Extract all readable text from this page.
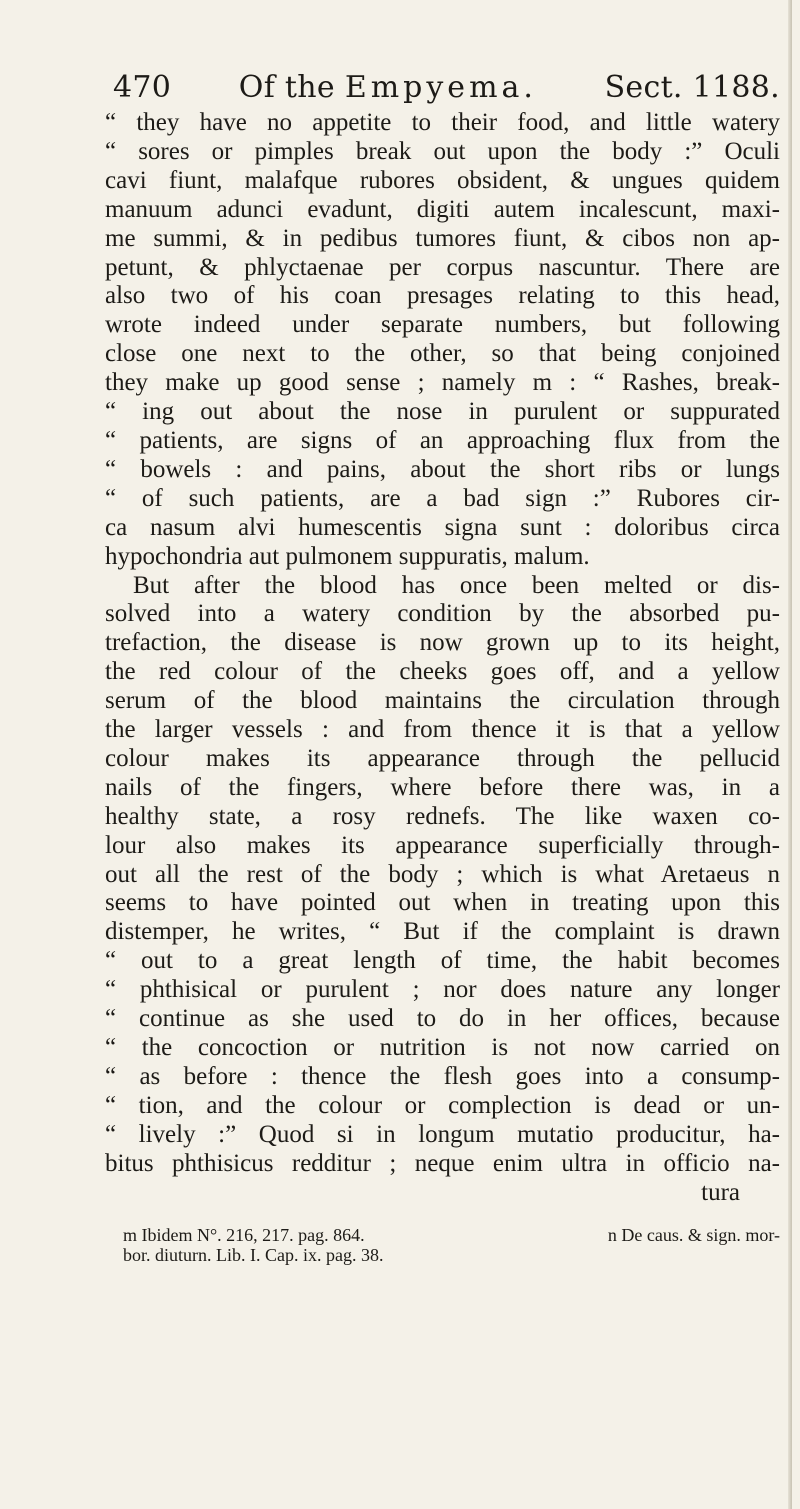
470 Of the Empyema. Sect. 1188.
“ they have no appetite to their food, and little watery
“ sores or pimples break out upon the body :” Oculi
cavi fiunt, malafque rubores obsident, & ungues quidem
manuum adunci evadunt, digiti autem incalescunt, maxi-
me summi, & in pedibus tumores fiunt, & cibos non ap-
petunt, & phlyctaenae per corpus nascuntur. There are
also two of his coan presages relating to this head,
wrote indeed under separate numbers, but following
close one next to the other, so that being conjoined
they make up good sense ; namely m : “ Rashes, break-
“ ing out about the nose in purulent or suppurated
“ patients, are signs of an approaching flux from the
“ bowels : and pains, about the short ribs or lungs
“ of such patients, are a bad sign :” Rubores cir-
ca nasum alvi humescentis signa sunt : doloribus circa
hypochondria aut pulmonem suppuratis, malum.
But after the blood has once been melted or dis-
solved into a watery condition by the absorbed pu-
trefaction, the disease is now grown up to its height,
the red colour of the cheeks goes off, and a yellow
serum of the blood maintains the circulation through
the larger vessels : and from thence it is that a yellow
colour makes its appearance through the pellucid
nails of the fingers, where before there was, in a
healthy state, a rosy rednefs. The like waxen co-
lour also makes its appearance superficially through-
out all the rest of the body ; which is what Aretaeus n
seems to have pointed out when in treating upon this
distemper, he writes, “ But if the complaint is drawn
“ out to a great length of time, the habit becomes
“ phthisical or purulent ; nor does nature any longer
“ continue as she used to do in her offices, because
“ the concoction or nutrition is not now carried on
“ as before : thence the flesh goes into a consump-
“ tion, and the colour or complection is dead or un-
“ lively :” Quod si in longum mutatio producitur, ha-
bitus phthisicus redditur ; neque enim ultra in officio na-
tura
m Ibidem N°. 216, 217. pag. 864.	n De caus. & sign. mor-
bor. diuturn. Lib. I. Cap. ix. pag. 38.
